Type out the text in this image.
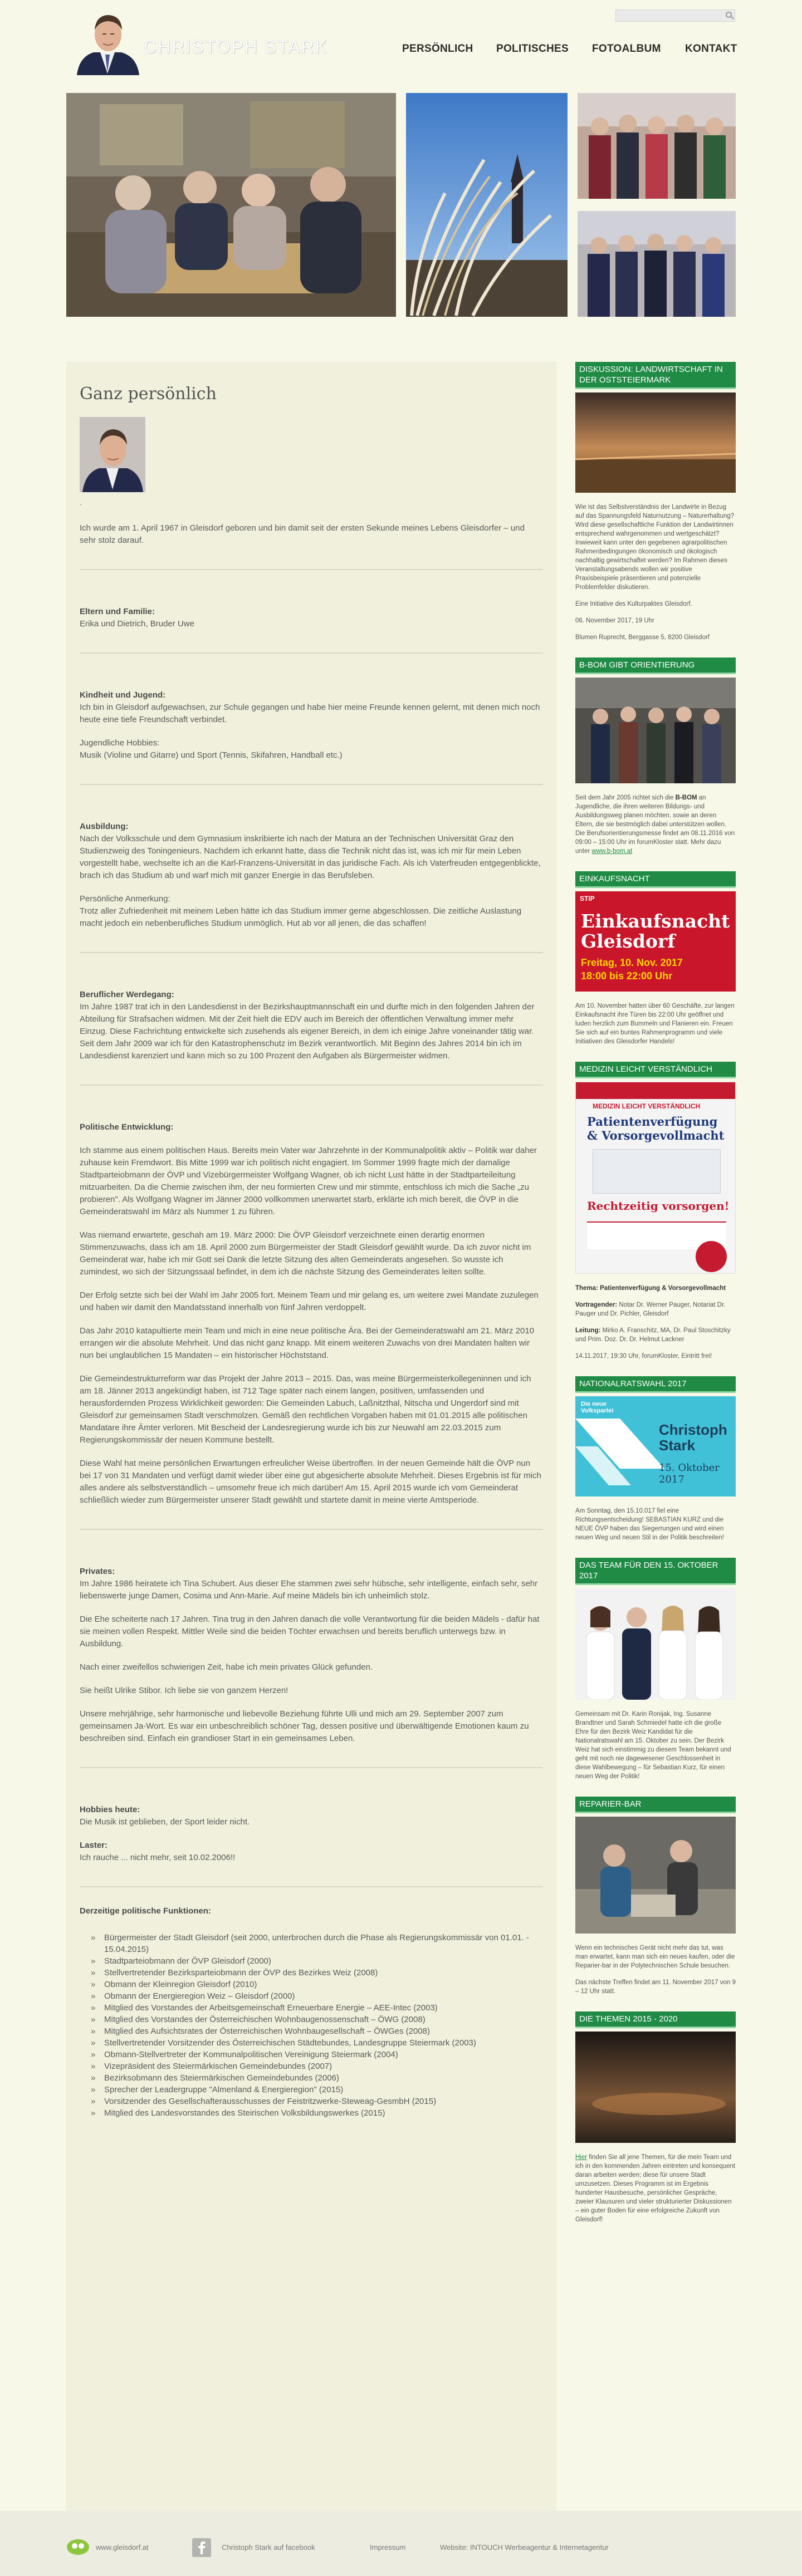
CHRISTOPH STARK	PERSÖNLICH POLITISCHES FOTOALBUM KONTAKT
Ganz persönlich
.

Ich wurde am 1. April 1967 in Gleisdorf geboren und bin damit seit der ersten Sekunde meines Lebens Gleisdorfer – und sehr stolz darauf.

Eltern und Familie:
Erika und Dietrich, Bruder Uwe

Kindheit und Jugend:
Ich bin in Gleisdorf aufgewachsen, zur Schule gegangen und habe hier meine Freunde kennen gelernt, mit denen mich noch heute eine tiefe Freundschaft verbindet.

Jugendliche Hobbies:
Musik (Violine und Gitarre) und Sport (Tennis, Skifahren, Handball etc.)

Ausbildung:
Nach der Volksschule und dem Gymnasium inskribierte ich nach der Matura an der Technischen Universität Graz den Studienzweig des Toningenieurs. Nachdem ich erkannt hatte, dass die Technik nicht das ist, was ich mir für mein Leben vorgestellt habe, wechselte ich an die Karl-Franzens-Universität in das juridische Fach. Als ich Vaterfreuden entgegenblickte, brach ich das Studium ab und warf mich mit ganzer Energie in das Berufsleben.

Persönliche Anmerkung:
Trotz aller Zufriedenheit mit meinem Leben hätte ich das Studium immer gerne abgeschlossen. Die zeitliche Auslastung macht jedoch ein nebenberufliches Studium unmöglich. Hut ab vor all jenen, die das schaffen!

Beruflicher Werdegang:
Im Jahre 1987 trat ich in den Landesdienst in der Bezirkshauptmannschaft ein und durfte mich in den folgenden Jahren der Abteilung für Strafsachen widmen. Mit der Zeit hielt die EDV auch im Bereich der öffentlichen Verwaltung immer mehr Einzug. Diese Fachrichtung entwickelte sich zusehends als eigener Bereich, in dem ich einige Jahre voneinander tätig war. Seit dem Jahr 2009 war ich für den Katastrophenschutz im Bezirk verantwortlich. Mit Beginn des Jahres 2014 bin ich im Landesdienst karenziert und kann mich so zu 100 Prozent den Aufgaben als Bürgermeister widmen.

Politische Entwicklung:

Ich stamme aus einem politischen Haus. Bereits mein Vater war Jahrzehnte in der Kommunalpolitik aktiv – Politik war daher zuhause kein Fremdwort. Bis Mitte 1999 war ich politisch nicht engagiert. Im Sommer 1999 fragte mich der damalige Stadtparteiobmann der ÖVP und Vizebürgermeister Wolfgang Wagner, ob ich nicht Lust hätte in der Stadtparteileitung mitzuarbeiten. Da die Chemie zwischen ihm, der neu formierten Crew und mir stimmte, entschloss ich mich die Sache „zu probieren". Als Wolfgang Wagner im Jänner 2000 vollkommen unerwartet starb, erklärte ich mich bereit, die ÖVP in die Gemeinderatswahl im März als Nummer 1 zu führen.

Was niemand erwartete, geschah am 19. März 2000: Die ÖVP Gleisdorf verzeichnete einen derartig enormen Stimmenzuwachs, dass ich am 18. April 2000 zum Bürgermeister der Stadt Gleisdorf gewählt wurde. Da ich zuvor nicht im Gemeinderat war, habe ich mir Gott sei Dank die letzte Sitzung des alten Gemeinderats angesehen. So wusste ich zumindest, wo sich der Sitzungssaal befindet, in dem ich die nächste Sitzung des Gemeinderates leiten sollte.

Der Erfolg setzte sich bei der Wahl im Jahr 2005 fort. Meinem Team und mir gelang es, um weitere zwei Mandate zuzulegen und haben wir damit den Mandatsstand innerhalb von fünf Jahren verdoppelt.

Das Jahr 2010 katapultierte mein Team und mich in eine neue politische Ära. Bei der Gemeinderatswahl am 21. März 2010 errangen wir die absolute Mehrheit. Und das nicht ganz knapp. Mit einem weiteren Zuwachs von drei Mandaten halten wir nun bei unglaublichen 15 Mandaten – ein historischer Höchststand.

Die Gemeindestrukturreform war das Projekt der Jahre 2013 – 2015. Das, was meine Bürgermeisterkollegeninnen und ich am 18. Jänner 2013 angekündigt haben, ist 712 Tage später nach einem langen, positiven, umfassenden und herausfordernden Prozess Wirklichkeit geworden: Die Gemeinden Labuch, Laßnitzthal, Nitscha und Ungerdorf sind mit Gleisdorf zur gemeinsamen Stadt verschmolzen. Gemäß den rechtlichen Vorgaben haben mit 01.01.2015 alle politischen Mandatare ihre Ämter verloren. Mit Bescheid der Landesregierung wurde ich bis zur Neuwahl am 22.03.2015 zum Regierungskommissär der neuen Kommune bestellt.

Diese Wahl hat meine persönlichen Erwartungen erfreulicher Weise übertroffen. In der neuen Gemeinde hält die ÖVP nun bei 17 von 31 Mandaten und verfügt damit wieder über eine gut abgesicherte absolute Mehrheit. Dieses Ergebnis ist für mich alles andere als selbstverständlich – umsomehr freue ich mich darüber! Am 15. April 2015 wurde ich vom Gemeinderat schließlich wieder zum Bürgermeister unserer Stadt gewählt und startete damit in meine vierte Amtsperiode.

Privates:
Im Jahre 1986 heiratete ich Tina Schubert. Aus dieser Ehe stammen zwei sehr hübsche, sehr intelligente, einfach sehr, sehr liebenswerte junge Damen, Cosima und Ann-Marie. Auf meine Mädels bin ich unheimlich stolz.

Die Ehe scheiterte nach 17 Jahren. Tina trug in den Jahren danach die volle Verantwortung für die beiden Mädels - dafür hat sie meinen vollen Respekt. Mittler Weile sind die beiden Töchter erwachsen und bereits beruflich unterwegs bzw. in Ausbildung.

Nach einer zweifellos schwierigen Zeit, habe ich mein privates Glück gefunden.

Sie heißt Ulrike Stibor. Ich liebe sie von ganzem Herzen!

Unsere mehrjährige, sehr harmonische und liebevolle Beziehung führte Ulli und mich am 29. September 2007 zum gemeinsamen Ja-Wort. Es war ein unbeschreiblich schöner Tag, dessen positive und überwältigende Emotionen kaum zu beschreiben sind. Einfach ein grandioser Start in ein gemeinsames Leben.

Hobbies heute:
Die Musik ist geblieben, der Sport leider nicht.

Laster:
Ich rauche ... nicht mehr, seit 10.02.2006!!

Derzeitige politische Funktionen:

» Bürgermeister der Stadt Gleisdorf (seit 2000, unterbrochen durch die Phase als Regierungskommissär von 01.01. - 15.04.2015)
» Stadtparteiobmann der ÖVP Gleisdorf (2000)
» Stellvertretender Bezirksparteiobmann der ÖVP des Bezirkes Weiz (2008)
» Obmann der Kleinregion Gleisdorf (2010)
» Obmann der Energieregion Weiz – Gleisdorf (2000)
» Mitglied des Vorstandes der Arbeitsgemeinschaft Erneuerbare Energie – AEE-Intec (2003)
» Mitglied des Vorstandes der Österreichischen Wohnbaugenossenschaft – ÖWG (2008)
» Mitglied des Aufsichtsrates der Österreichischen Wohnbaugesellschaft – ÖWGes (2008)
» Stellvertretender Vorsitzender des Österreichischen Städtebundes, Landesgruppe Steiermark (2003)
» Obmann-Stellvertreter der Kommunalpolitischen Vereinigung Steiermark (2004)
» Vizepräsident des Steiermärkischen Gemeindebundes (2007)
» Bezirksobmann des Steiermärkischen Gemeindebundes (2006)
» Sprecher der Leadergruppe "Almenland & Energieregion" (2015)
» Vorsitzender des Gesellschafterausschusses der Feistritzwerke-Steweag-GesmbH (2015)
» Mitglied des Landesvorstandes des Steirischen Volksbildungswerkes (2015)
DISKUSSION: LANDWIRTSCHAFT IN DER OSTSTEIERMARK

Wie ist das Selbstverständnis der Landwirte in Bezug auf das Spannungsfeld Naturnutzung – Naturerhaltung? Wird diese gesellschaftliche Funktion der Landwirtinnen entsprechend wahrgenommen und wertgeschätzt? Inwieweit kann unter den gegebenen agrarpolitischen Rahmenbedingungen ökonomisch und ökologisch nachhaltig gewirtschaftet werden? Im Rahmen dieses Veranstaltungsabends wollen wir positive Praxisbeispiele präsentieren und potenzielle Problemfelder diskutieren.

Eine Initiative des Kulturpaktes Gleisdorf.

06. November 2017, 19 Uhr

Blumen Ruprecht, Berggasse 5, 8200 Gleisdorf

B-BOM GIBT ORIENTIERUNG

Seit dem Jahr 2005 richtet sich die B-BOM an Jugendliche, die ihren weiteren Bildungs- und Ausbildungsweg planen möchten, sowie an deren Eltern, die sie bestmöglich dabei unterstützen wollen. Die Berufsorientierungsmesse findet am 08.11.2016 von 09:00 – 15:00 Uhr im forumKloster statt. Mehr dazu unter www.b-bom.at

EINKAUFSNACHT
STIP
Einkaufsnacht Gleisdorf
Freitag, 10. Nov. 2017
18:00 bis 22:00 Uhr

Am 10. November hatten über 60 Geschäfte, zur langen Einkaufsnacht ihre Türen bis 22:00 Uhr geöffnet und luden herzlich zum Bummeln und Flanieren ein. Freuen Sie sich auf ein buntes Rahmenprogramm und viele Initiativen des Gleisdorfer Handels!

MEDIZIN LEICHT VERSTÄNDLICH
MEDIZIN LEICHT VERSTÄNDLICH
Patientenverfügung & Vorsorgevollmacht
Rechtzeitig vorsorgen!

Thema: Patientenverfügung & Vorsorgevollmacht

Vortragender: Notar Dr. Werner Pauger, Notariat Dr. Pauger und Dr. Pichler, Gleisdorf

Leitung: Mirko A. Franschitz, MA, Dr. Paul Stoschitzky und Prim. Doz. Dr. Dr. Helmut Lackner

14.11.2017, 19:30 Uhr, forumKloster, Eintritt frei!

NATIONALRATSWAHL 2017
Die neue Volkspartei
Christoph Stark
15. Oktober 2017

Am Sonntag, den 15.10.017 fiel eine Richtungsentscheidung! SEBASTIAN KURZ und die NEUE ÖVP haben das Siegerrungen und wird einen neuen Weg und neuen Stil in der Politik beschreiten!

DAS TEAM FÜR DEN 15. OKTOBER 2017

Gemeinsam mit Dr. Karin Ronijak, Ing. Susanne Brandtner und Sarah Schmiedel hatte ich die große Ehre für den Bezirk Weiz Kandidat für die Nationalratswahl am 15. Oktober zu sein. Der Bezirk Weiz hat sich einstimmig zu diesem Team bekannt und geht mit noch nie dagewesener Geschlossenheit in diese Wahlbewegung – für Sebastian Kurz, für einen neuen Weg der Politik!

REPARIER-BAR

Wenn ein technisches Gerät nicht mehr das tut, was man erwartet, kann man sich ein neues kaufen, oder die Reparier-bar in der Polytechnischen Schule besuchen.

Das nächste Treffen findet am 11. November 2017 von 9 – 12 Uhr statt.

DIE THEMEN 2015 - 2020

Hier finden Sie all jene Themen, für die mein Team und ich in den kommenden Jahren eintreten und konsequent daran arbeiten werden; diese für unsere Stadt umzusetzen. Dieses Programm ist im Ergebnis hunderter Hausbesuche, persönlicher Gespräche, zweier Klausuren und vieler strukturierter Diskussionen – ein guter Boden für eine erfolgreiche Zukunft von Gleisdorf!

www.gleisdorf.at	Christoph Stark auf facebook	Impressum	Website: INTOUCH Werbeagentur & Internetagentur
